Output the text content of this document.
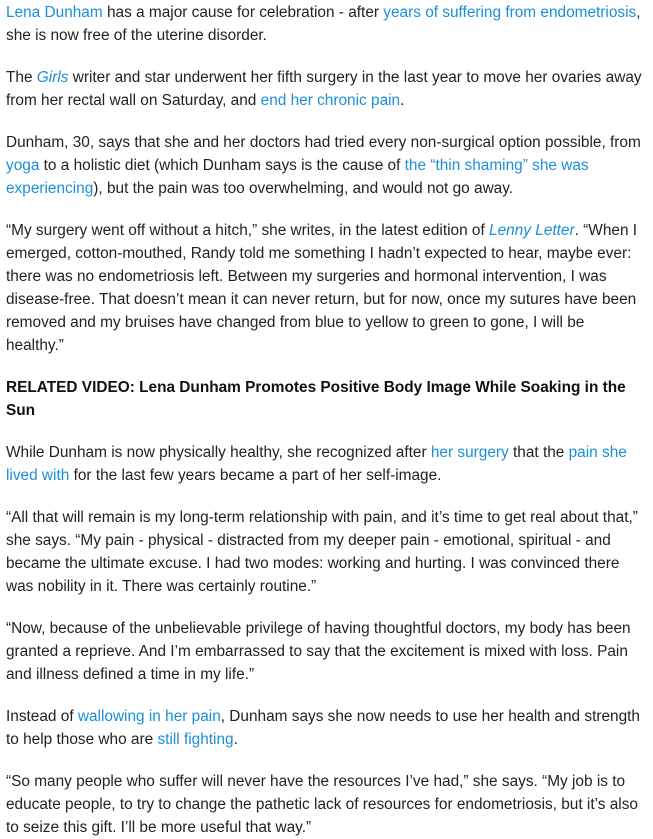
Lena Dunham has a major cause for celebration - after years of suffering from endometriosis, she is now free of the uterine disorder.

The Girls writer and star underwent her fifth surgery in the last year to move her ovaries away from her rectal wall on Saturday, and end her chronic pain.

Dunham, 30, says that she and her doctors had tried every non-surgical option possible, from yoga to a holistic diet (which Dunham says is the cause of the “thin shaming” she was experiencing), but the pain was too overwhelming, and would not go away.

“My surgery went off without a hitch,” she writes, in the latest edition of Lenny Letter. “When I emerged, cotton-mouthed, Randy told me something I hadn’t expected to hear, maybe ever: there was no endometriosis left. Between my surgeries and hormonal intervention, I was disease-free. That doesn’t mean it can never return, but for now, once my sutures have been removed and my bruises have changed from blue to yellow to green to gone, I will be healthy.”

RELATED VIDEO: Lena Dunham Promotes Positive Body Image While Soaking in the Sun

While Dunham is now physically healthy, she recognized after her surgery that the pain she lived with for the last few years became a part of her self-image.

“All that will remain is my long-term relationship with pain, and it’s time to get real about that,” she says. “My pain - physical - distracted from my deeper pain - emotional, spiritual - and became the ultimate excuse. I had two modes: working and hurting. I was convinced there was nobility in it. There was certainly routine.”

“Now, because of the unbelievable privilege of having thoughtful doctors, my body has been granted a reprieve. And I’m embarrassed to say that the excitement is mixed with loss. Pain and illness defined a time in my life.”

Instead of wallowing in her pain, Dunham says she now needs to use her health and strength to help those who are still fighting.

“So many people who suffer will never have the resources I’ve had,” she says. “My job is to educate people, to try to change the pathetic lack of resources for endometriosis, but it’s also to seize this gift. I’ll be more useful that way.”
